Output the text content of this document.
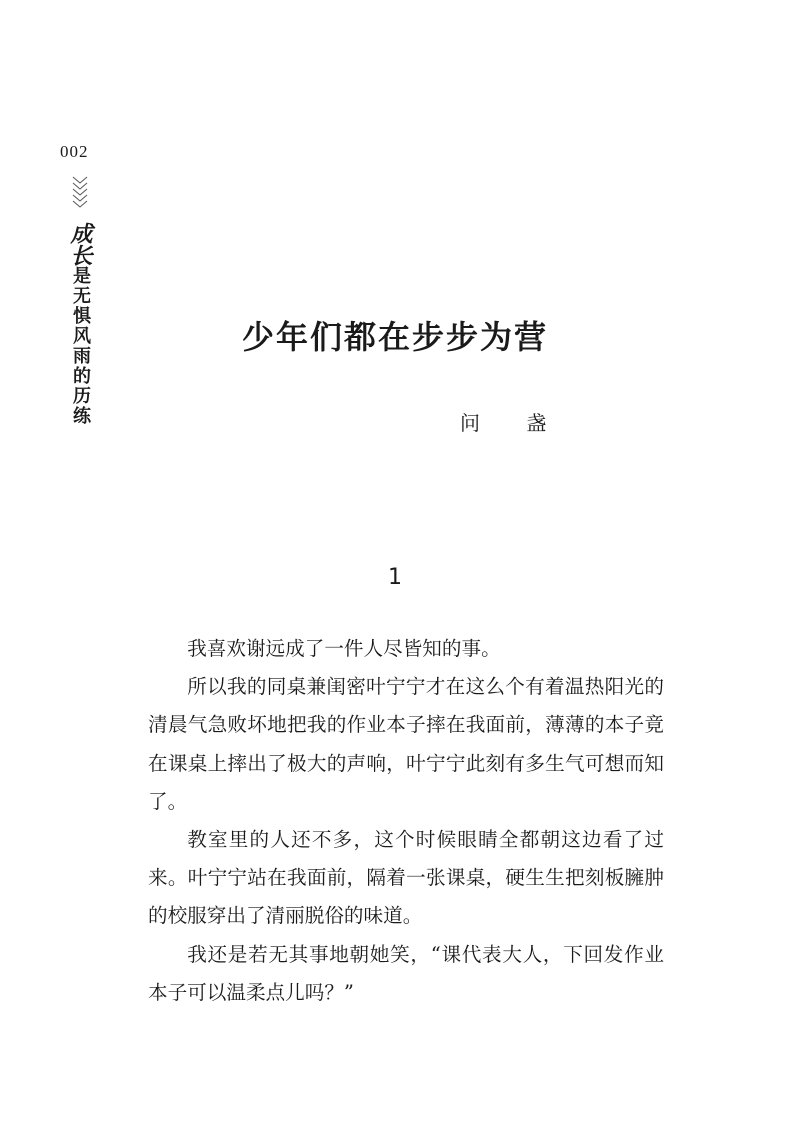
002
成长是无惧风雨的历练	少年们都在步步为营
问 盏
1

我喜欢谢远成了一件人尽皆知的事。

所以我的同桌兼闺密叶宁宁才在这么个有着温热阳光的清晨气急败坏地把我的作业本子摔在我面前，薄薄的本子竟在课桌上摔出了极大的声响，叶宁宁此刻有多生气可想而知了。

教室里的人还不多，这个时候眼睛全都朝这边看了过来。叶宁宁站在我面前，隔着一张课桌，硬生生把刻板臃肿的校服穿出了清丽脱俗的味道。

我还是若无其事地朝她笑，“课代表大人，下回发作业本子可以温柔点儿吗？”
